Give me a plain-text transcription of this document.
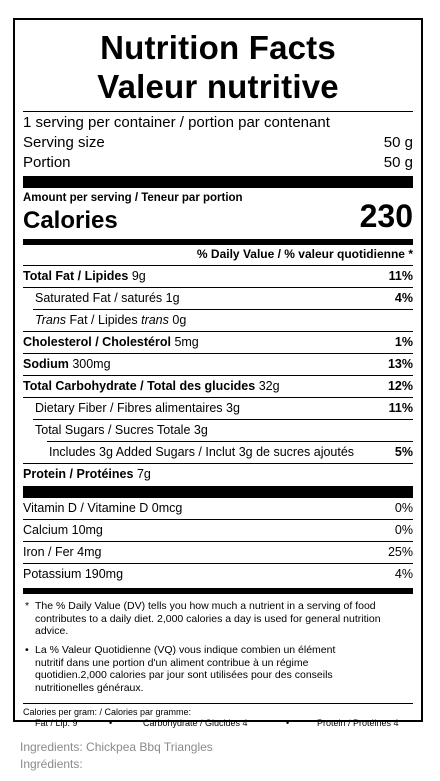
Nutrition Facts
Valeur nutritive
1 serving per container / portion par contenant
Serving size	50 g
Portion	50 g
Amount per serving / Teneur par portion
Calories	230
% Daily Value / % valeur quotidienne *
Total Fat / Lipides 9g	11%
Saturated Fat / saturés 1g	4%
Trans Fat / Lipides trans 0g
Cholesterol / Cholestérol 5mg	1%
Sodium 300mg	13%
Total Carbohydrate / Total des glucides 32g	12%
Dietary Fiber / Fibres alimentaires 3g	11%
Total Sugars / Sucres Totale 3g
Includes 3g Added Sugars / Inclut 3g de sucres ajoutés	5%
Protein / Protéines 7g
Vitamin D / Vitamine D 0mcg	0%
Calcium 10mg	0%
Iron / Fer 4mg	25%
Potassium 190mg	4%
* The % Daily Value (DV) tells you how much a nutrient in a serving of food contributes to a daily diet. 2,000 calories a day is used for general nutrition advice.
• La % Valeur Quotidienne (VQ) vous indique combien un élément nutritif dans une portion d'un aliment contribue à un régime quotidien.2,000 calories par jour sont utilisées pour des conseils nutritionelles généraux.
Calories per gram: / Calories par gramme:
Fat / Lip. 9	•	Carbohydrate / Glucides 4	•	Protein / Protéines 4
Ingredients: Chickpea Bbq Triangles
Ingrédients:
